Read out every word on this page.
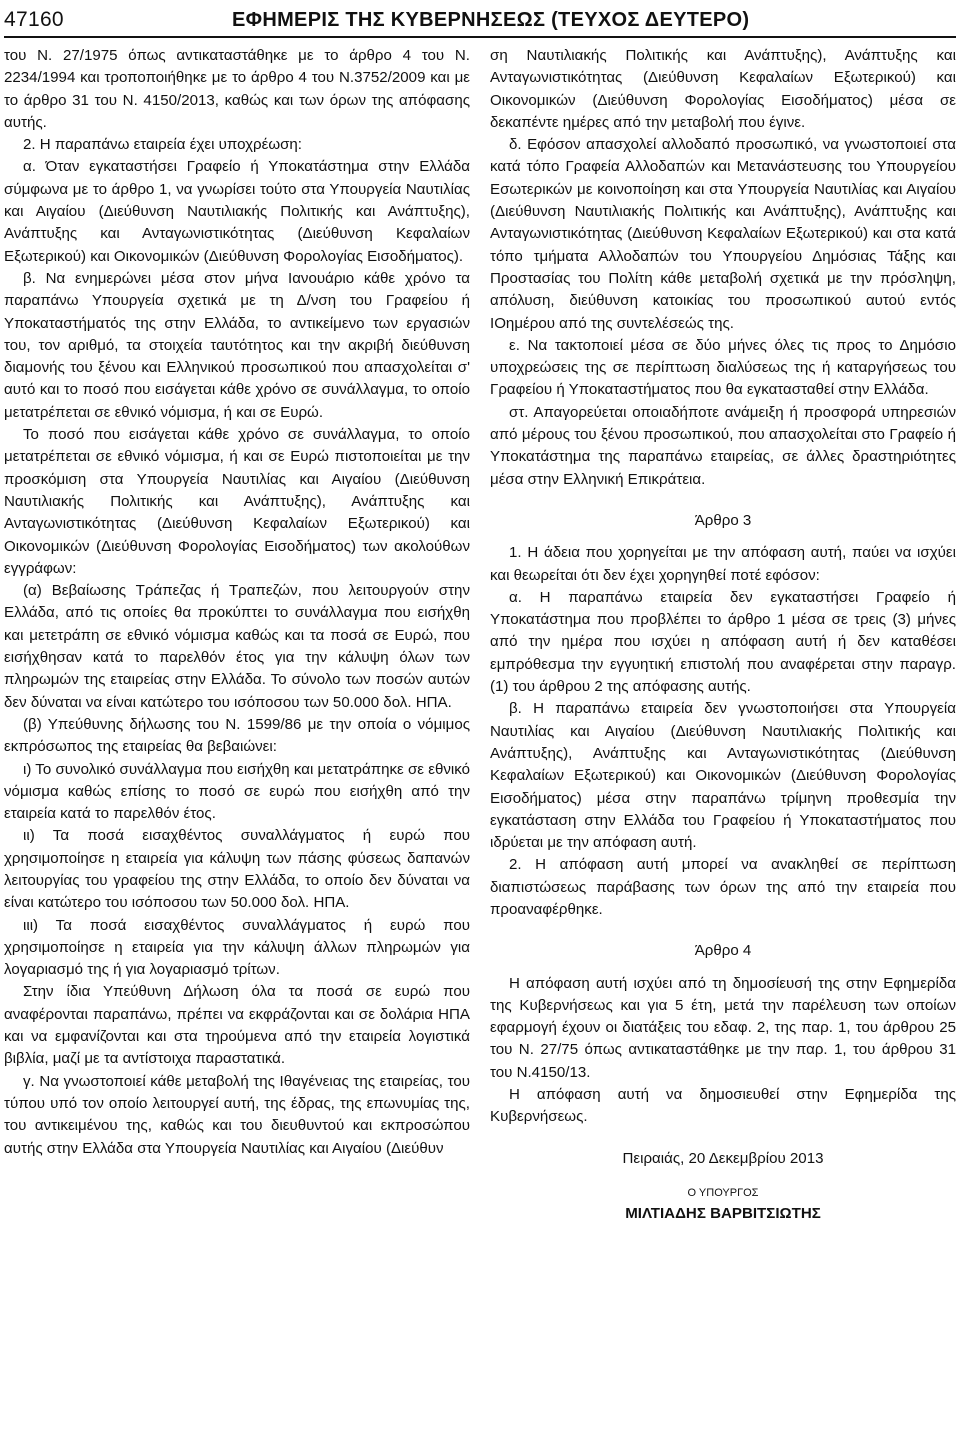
47160	ΕΦΗΜΕΡΙΣ ΤΗΣ ΚΥΒΕΡΝΗΣΕΩΣ (ΤΕΥΧΟΣ ΔΕΥΤΕΡΟ)

του Ν. 27/1975 όπως αντικαταστάθηκε με το άρθρο 4 του Ν. 2234/1994 και τροποποιήθηκε με το άρθρο 4 του Ν.3752/2009 και με το άρθρο 31 του Ν. 4150/2013, καθώς και των όρων της απόφασης αυτής.

2. Η παραπάνω εταιρεία έχει υποχρέωση:

α. Όταν εγκαταστήσει Γραφείο ή Υποκατάστημα στην Ελλάδα σύμφωνα με το άρθρο 1, να γνωρίσει τούτο στα Υπουργεία Ναυτιλίας και Αιγαίου (Διεύθυνση Ναυτιλιακής Πολιτικής και Ανάπτυξης), Ανάπτυξης και Ανταγωνιστικότητας (Διεύθυνση Κεφαλαίων Εξωτερικού) και Οικονομικών (Διεύθυνση Φορολογίας Εισοδήματος).

β. Να ενημερώνει μέσα στον μήνα Ιανουάριο κάθε χρόνο τα παραπάνω Υπουργεία σχετικά με τη Δ/νση του Γραφείου ή Υποκαταστήματός της στην Ελλάδα, το αντικείμενο των εργασιών του, τον αριθμό, τα στοιχεία ταυτότητος και την ακριβή διεύθυνση διαμονής του ξένου και Ελληνικού προσωπικού που απασχολείται σ' αυτό και το ποσό που εισάγεται κάθε χρόνο σε συνάλλαγμα, το οποίο μετατρέπεται σε εθνικό νόμισμα, ή και σε Ευρώ.

Το ποσό που εισάγεται κάθε χρόνο σε συνάλλαγμα, το οποίο μετατρέπεται σε εθνικό νόμισμα, ή και σε Ευρώ πιστοποιείται με την προσκόμιση στα Υπουργεία Ναυτιλίας και Αιγαίου (Διεύθυνση Ναυτιλιακής Πολιτικής και Ανάπτυξης), Ανάπτυξης και Ανταγωνιστικότητας (Διεύθυνση Κεφαλαίων Εξωτερικού) και Οικονομικών (Διεύθυνση Φορολογίας Εισοδήματος) των ακολούθων εγγράφων:

(α) Βεβαίωσης Τράπεζας ή Τραπεζών, που λειτουργούν στην Ελλάδα, από τις οποίες θα προκύπτει το συνάλλαγμα που εισήχθη και μετετράπη σε εθνικό νόμισμα καθώς και τα ποσά σε Ευρώ, που εισήχθησαν κατά το παρελθόν έτος για την κάλυψη όλων των πληρωμών της εταιρείας στην Ελλάδα. Το σύνολο των ποσών αυτών δεν δύναται να είναι κατώτερο του ισόποσου των 50.000 δολ. ΗΠΑ.

(β) Υπεύθυνης δήλωσης του Ν. 1599/86 με την οποία ο νόμιμος εκπρόσωπος της εταιρείας θα βεβαιώνει:

ι) Το συνολικό συνάλλαγμα που εισήχθη και μετατράπηκε σε εθνικό νόμισμα καθώς επίσης το ποσό σε ευρώ που εισήχθη από την εταιρεία κατά το παρελθόν έτος.

ιι) Τα ποσά εισαχθέντος συναλλάγματος ή ευρώ που χρησιμοποίησε η εταιρεία για κάλυψη των πάσης φύσεως δαπανών λειτουργίας του γραφείου της στην Ελλάδα, το οποίο δεν δύναται να είναι κατώτερο του ισόποσου των 50.000 δολ. ΗΠΑ.

ιιι) Τα ποσά εισαχθέντος συναλλάγματος ή ευρώ που χρησιμοποίησε η εταιρεία για την κάλυψη άλλων πληρωμών για λογαριασμό της ή για λογαριασμό τρίτων.

Στην ίδια Υπεύθυνη Δήλωση όλα τα ποσά σε ευρώ που αναφέρονται παραπάνω, πρέπει να εκφράζονται και σε δολάρια ΗΠΑ και να εμφανίζονται και στα τηρούμενα από την εταιρεία λογιστικά βιβλία, μαζί με τα αντίστοιχα παραστατικά.

γ. Να γνωστοποιεί κάθε μεταβολή της Ιθαγένειας της εταιρείας, του τύπου υπό τον οποίο λειτουργεί αυτή, της έδρας, της επωνυμίας της, του αντικειμένου της, καθώς και του διευθυντού και εκπροσώπου αυτής στην Ελλάδα στα Υπουργεία Ναυτιλίας και Αιγαίου (Διεύθυν

ση Ναυτιλιακής Πολιτικής και Ανάπτυξης), Ανάπτυξης και Ανταγωνιστικότητας (Διεύθυνση Κεφαλαίων Εξωτερικού) και Οικονομικών (Διεύθυνση Φορολογίας Εισοδήματος) μέσα σε δεκαπέντε ημέρες από την μεταβολή που έγινε.

δ. Εφόσον απασχολεί αλλοδαπό προσωπικό, να γνωστοποιεί στα κατά τόπο Γραφεία Αλλοδαπών και Μετανάστευσης του Υπουργείου Εσωτερικών με κοινοποίηση και στα Υπουργεία Ναυτιλίας και Αιγαίου (Διεύθυνση Ναυτιλιακής Πολιτικής και Ανάπτυξης), Ανάπτυξης και Ανταγωνιστικότητας (Διεύθυνση Κεφαλαίων Εξωτερικού) και στα κατά τόπο τμήματα Αλλοδαπών του Υπουργείου Δημόσιας Τάξης και Προστασίας του Πολίτη κάθε μεταβολή σχετικά με την πρόσληψη, απόλυση, διεύθυνση κατοικίας του προσωπικού αυτού εντός ΙΟημέρου από της συντελέσεώς της.

ε. Να τακτοποιεί μέσα σε δύο μήνες όλες τις προς το Δημόσιο υποχρεώσεις της σε περίπτωση διαλύσεως της ή καταργήσεως του Γραφείου ή Υποκαταστήματος που θα εγκατασταθεί στην Ελλάδα.

στ. Απαγορεύεται οποιαδήποτε ανάμειξη ή προσφορά υπηρεσιών από μέρους του ξένου προσωπικού, που απασχολείται στο Γραφείο ή Υποκατάστημα της παραπάνω εταιρείας, σε άλλες δραστηριότητες μέσα στην Ελληνική Επικράτεια.

Άρθρο 3

1. Η άδεια που χορηγείται με την απόφαση αυτή, παύει να ισχύει και θεωρείται ότι δεν έχει χορηγηθεί ποτέ εφόσον:

α. Η παραπάνω εταιρεία δεν εγκαταστήσει Γραφείο ή Υποκατάστημα που προβλέπει το άρθρο 1 μέσα σε τρεις (3) μήνες από την ημέρα που ισχύει η απόφαση αυτή ή δεν καταθέσει εμπρόθεσμα την εγγυητική επιστολή που αναφέρεται στην παραγρ. (1) του άρθρου 2 της απόφασης αυτής.

β. Η παραπάνω εταιρεία δεν γνωστοποιήσει στα Υπουργεία Ναυτιλίας και Αιγαίου (Διεύθυνση Ναυτιλιακής Πολιτικής και Ανάπτυξης), Ανάπτυξης και Ανταγωνιστικότητας (Διεύθυνση Κεφαλαίων Εξωτερικού) και Οικονομικών (Διεύθυνση Φορολογίας Εισοδήματος) μέσα στην παραπάνω τρίμηνη προθεσμία την εγκατάσταση στην Ελλάδα του Γραφείου ή Υποκαταστήματος που ιδρύεται με την απόφαση αυτή.

2. Η απόφαση αυτή μπορεί να ανακληθεί σε περίπτωση διαπιστώσεως παράβασης των όρων της από την εταιρεία που προαναφέρθηκε.

Άρθρο 4

Η απόφαση αυτή ισχύει από τη δημοσίευσή της στην Εφημερίδα της Κυβερνήσεως και για 5 έτη, μετά την παρέλευση των οποίων εφαρμογή έχουν οι διατάξεις του εδαφ. 2, της παρ. 1, του άρθρου 25 του Ν. 27/75 όπως αντικαταστάθηκε με την παρ. 1, του άρθρου 31 του Ν.4150/13.

Η απόφαση αυτή να δημοσιευθεί στην Εφημερίδα της Κυβερνήσεως.

Πειραιάς, 20 Δεκεμβρίου 2013

Ο ΥΠΟΥΡΓΟΣ

ΜΙΛΤΙΑΔΗΣ ΒΑΡΒΙΤΣΙΩΤΗΣ
